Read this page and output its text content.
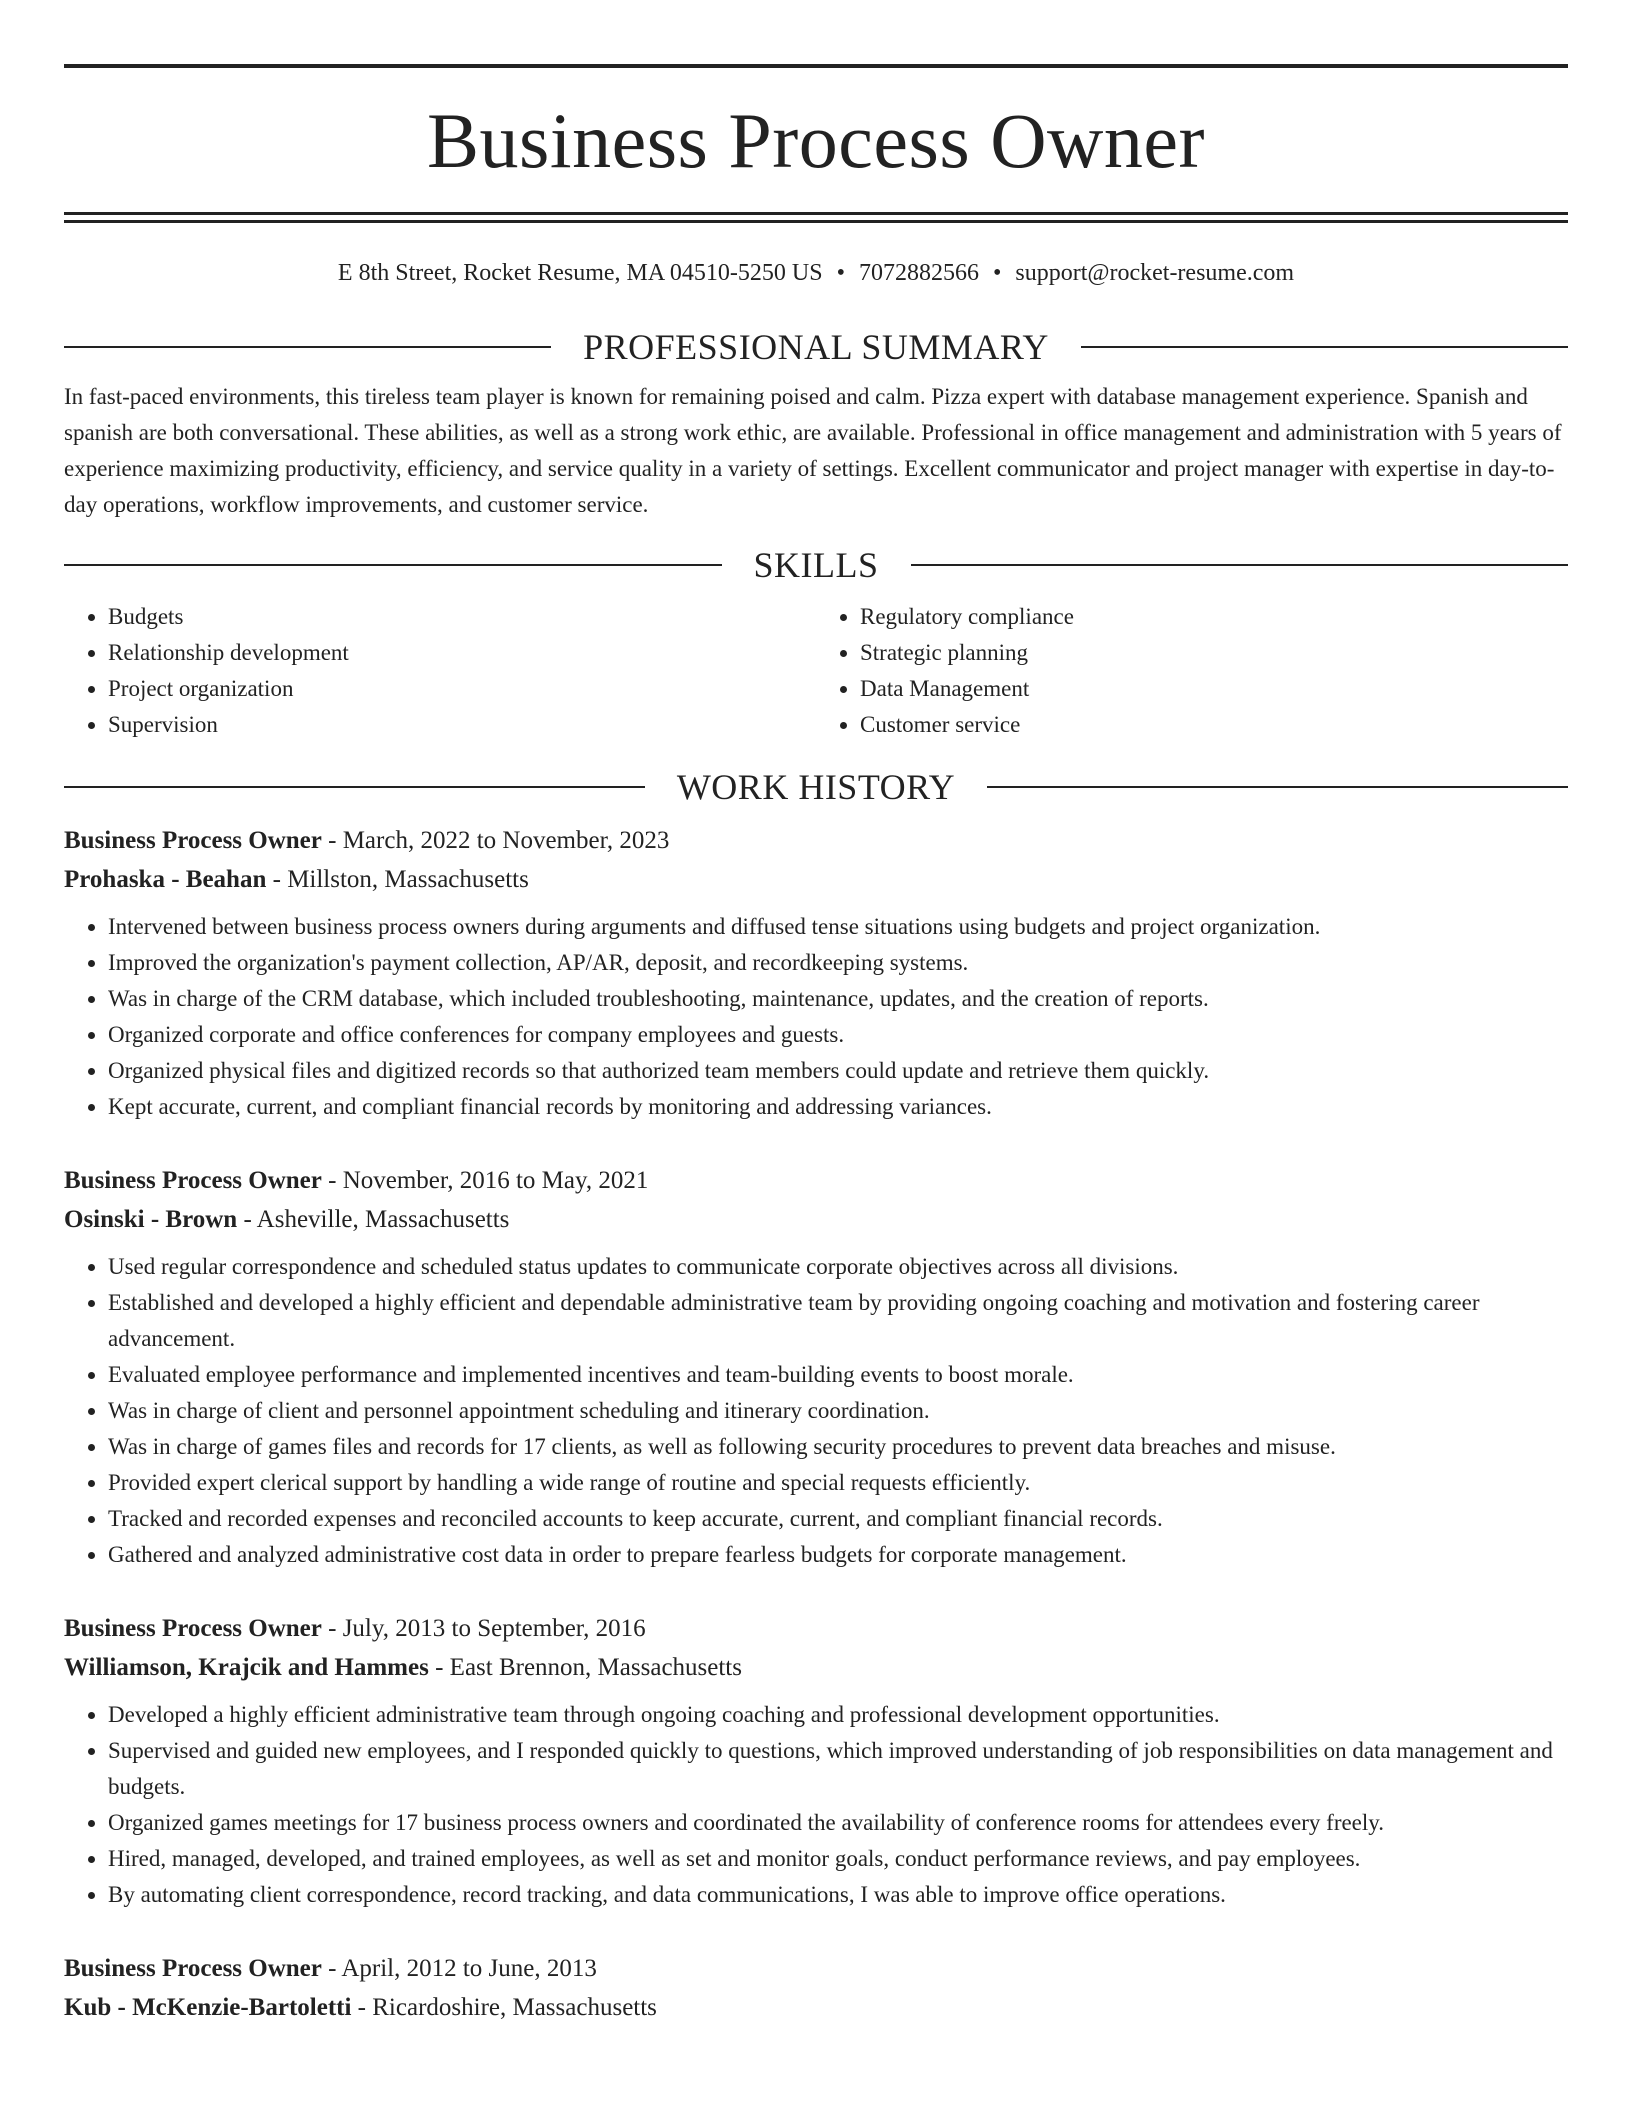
Business Process Owner
E 8th Street, Rocket Resume, MA 04510-5250 US • 7072882566 • support@rocket-resume.com
PROFESSIONAL SUMMARY

In fast-paced environments, this tireless team player is known for remaining poised and calm. Pizza expert with database management experience. Spanish and spanish are both conversational. These abilities, as well as a strong work ethic, are available. Professional in office management and administration with 5 years of experience maximizing productivity, efficiency, and service quality in a variety of settings. Excellent communicator and project manager with expertise in day-to-day operations, workflow improvements, and customer service.

SKILLS
• Budgets
• Relationship development
• Project organization
• Supervision
• Regulatory compliance
• Strategic planning
• Data Management
• Customer service
WORK HISTORY
Business Process Owner - March, 2022 to November, 2023
Prohaska - Beahan - Millston, Massachusetts
• Intervened between business process owners during arguments and diffused tense situations using budgets and project organization.
• Improved the organization's payment collection, AP/AR, deposit, and recordkeeping systems.
• Was in charge of the CRM database, which included troubleshooting, maintenance, updates, and the creation of reports.
• Organized corporate and office conferences for company employees and guests.
• Organized physical files and digitized records so that authorized team members could update and retrieve them quickly.
• Kept accurate, current, and compliant financial records by monitoring and addressing variances.
Business Process Owner - November, 2016 to May, 2021
Osinski - Brown - Asheville, Massachusetts
• Used regular correspondence and scheduled status updates to communicate corporate objectives across all divisions.
• Established and developed a highly efficient and dependable administrative team by providing ongoing coaching and motivation and fostering career advancement.
• Evaluated employee performance and implemented incentives and team-building events to boost morale.
• Was in charge of client and personnel appointment scheduling and itinerary coordination.
• Was in charge of games files and records for 17 clients, as well as following security procedures to prevent data breaches and misuse.
• Provided expert clerical support by handling a wide range of routine and special requests efficiently.
• Tracked and recorded expenses and reconciled accounts to keep accurate, current, and compliant financial records.
• Gathered and analyzed administrative cost data in order to prepare fearless budgets for corporate management.
Business Process Owner - July, 2013 to September, 2016
Williamson, Krajcik and Hammes - East Brennon, Massachusetts
• Developed a highly efficient administrative team through ongoing coaching and professional development opportunities.
• Supervised and guided new employees, and I responded quickly to questions, which improved understanding of job responsibilities on data management and budgets.
• Organized games meetings for 17 business process owners and coordinated the availability of conference rooms for attendees every freely.
• Hired, managed, developed, and trained employees, as well as set and monitor goals, conduct performance reviews, and pay employees.
• By automating client correspondence, record tracking, and data communications, I was able to improve office operations.
Business Process Owner - April, 2012 to June, 2013
Kub - McKenzie-Bartoletti - Ricardoshire, Massachusetts
